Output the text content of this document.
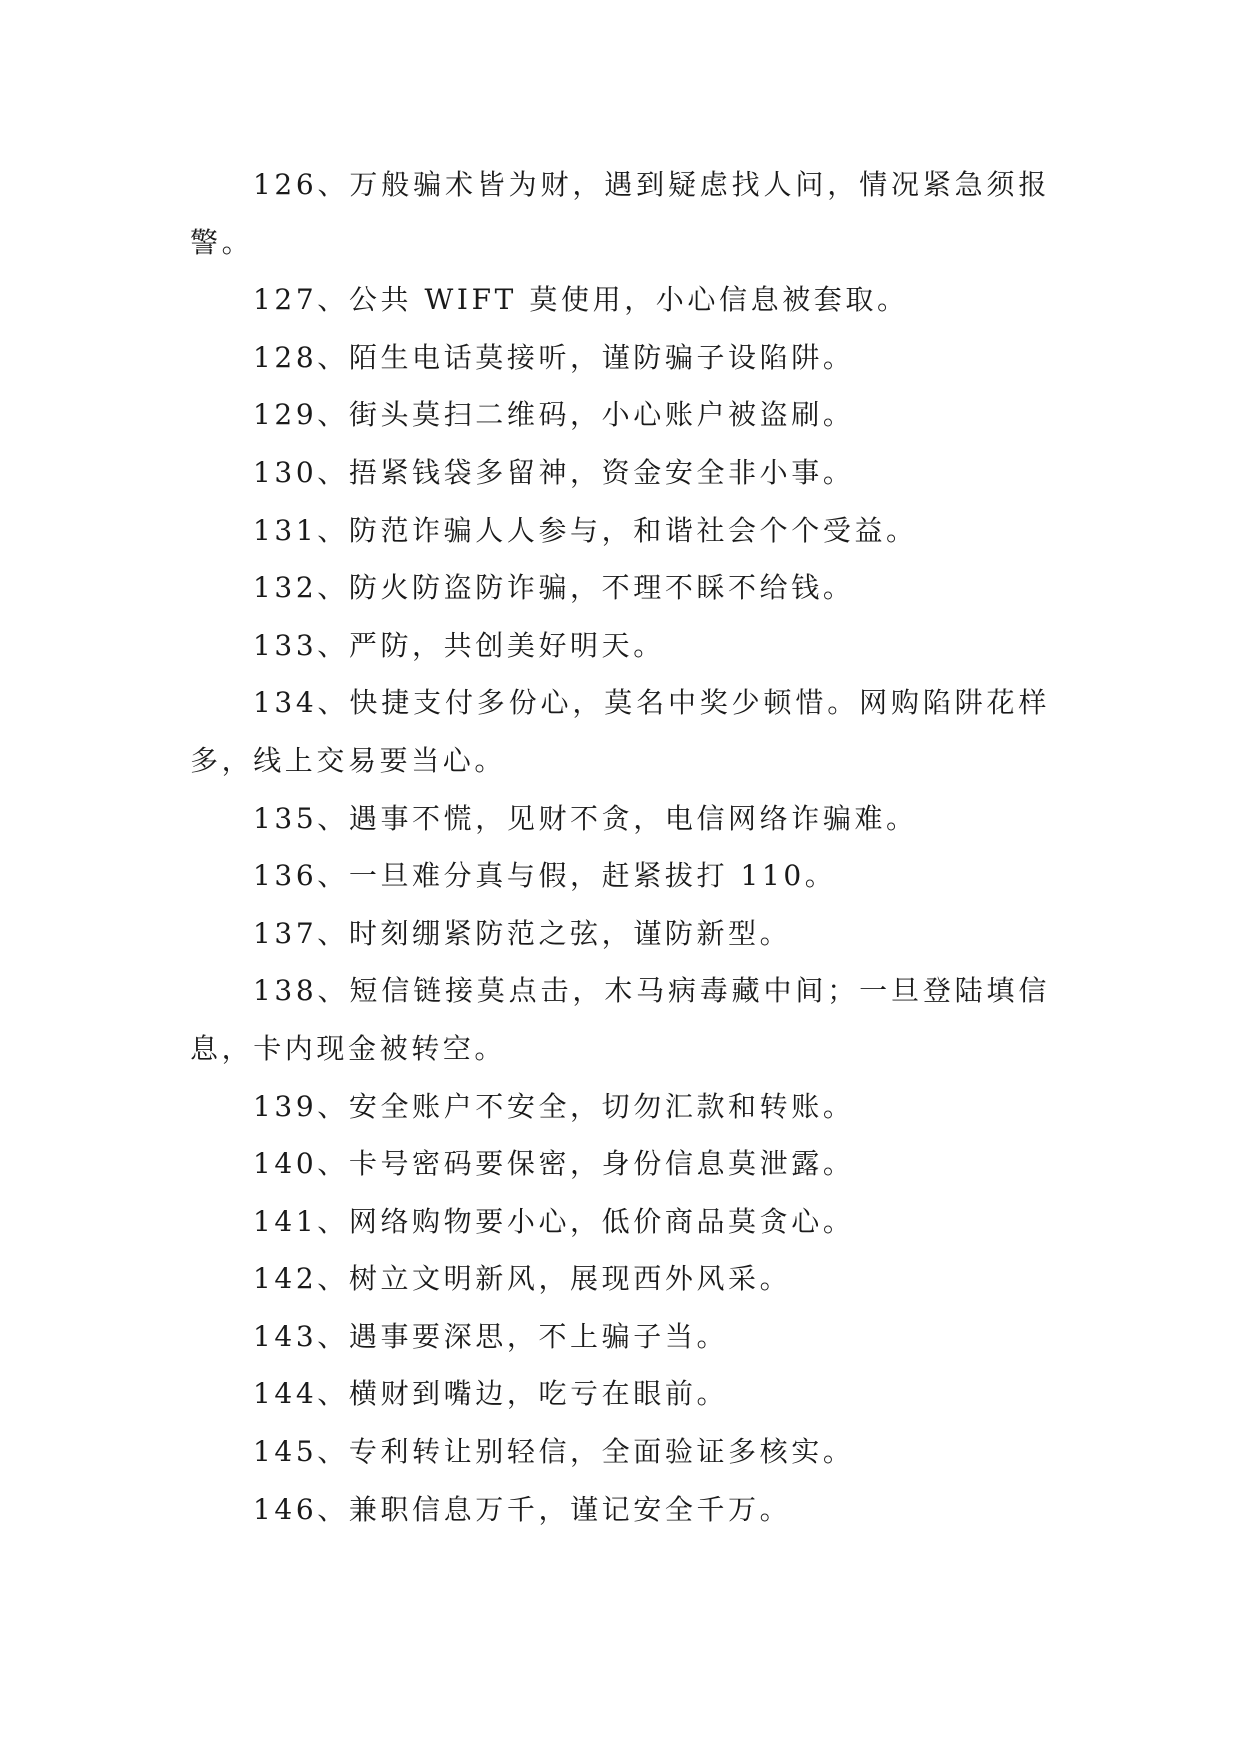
126、万般骗术皆为财，遇到疑虑找人问，情况紧急须报警。

127、公共 WIFT 莫使用，小心信息被套取。

128、陌生电话莫接听，谨防骗子设陷阱。

129、街头莫扫二维码，小心账户被盗刷。

130、捂紧钱袋多留神，资金安全非小事。

131、防范诈骗人人参与，和谐社会个个受益。

132、防火防盗防诈骗，不理不睬不给钱。

133、严防，共创美好明天。

134、快捷支付多份心，莫名中奖少顿惜。网购陷阱花样多，线上交易要当心。

135、遇事不慌，见财不贪，电信网络诈骗难。

136、一旦难分真与假，赶紧拔打 110。

137、时刻绷紧防范之弦，谨防新型。

138、短信链接莫点击，木马病毒藏中间；一旦登陆填信息，卡内现金被转空。

139、安全账户不安全，切勿汇款和转账。

140、卡号密码要保密，身份信息莫泄露。

141、网络购物要小心，低价商品莫贪心。

142、树立文明新风，展现西外风采。

143、遇事要深思，不上骗子当。

144、横财到嘴边，吃亏在眼前。

145、专利转让别轻信，全面验证多核实。

146、兼职信息万千，谨记安全千万。
